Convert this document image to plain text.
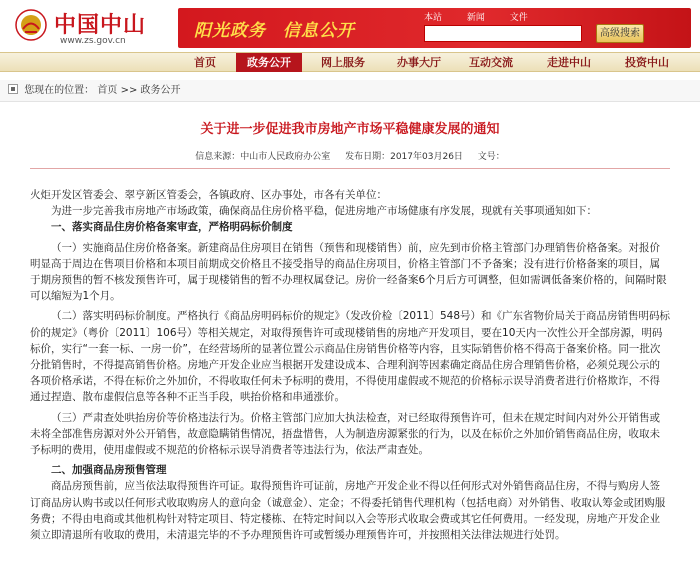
中国中山
www.zs.gov.cn	阳光政务 信息公开
本站	新闻	文件
高级搜索
首页	政务公开	网上服务	办事大厅	互动交流	走进中山	投资中山
您现在的位置： 首页 >> 政务公开
关于进一步促进我市房地产市场平稳健康发展的通知
信息来源：中山市人民政府办公室 发布日期：2017年03月26日 文号：

火炬开发区管委会、翠亨新区管委会，各镇政府、区办事处，市各有关单位：

为进一步完善我市房地产市场政策，确保商品住房价格平稳，促进房地产市场健康有序发展，现就有关事项通知如下：

一、落实商品住房价格备案审查，严格明码标价制度

（一）实施商品住房价格备案。新建商品住房项目在销售（预售和现楼销售）前，应先到市价格主管部门办理销售价格备案。对报价明显高于周边在售项目价格和本项目前期成交价格且不接受指导的商品住房项目，价格主管部门不予备案；没有进行价格备案的项目，属于期房预售的暂不核发预售许可，属于现楼销售的暂不办理权属登记。房价一经备案6个月后方可调整，但如需调低备案价格的，间隔时限可以缩短为1个月。

（二）落实明码标价制度。严格执行《商品房明码标价的规定》（发改价检〔2011〕548号）和《广东省物价局关于商品房销售明码标价的规定》（粤价〔2011〕106号）等相关规定，对取得预售许可或现楼销售的房地产开发项目，要在10天内一次性公开全部房源，明码标价，实行“一套一标、一房一价”，在经营场所的显著位置公示商品住房销售价格等内容，且实际销售价格不得高于备案价格。同一批次分批销售时，不得提高销售价格。房地产开发企业应当根据开发建设成本、合理利润等因素确定商品住房合理销售价格，必须兑现公示的各项价格承诺，不得在标价之外加价，不得收取任何未予标明的费用，不得使用虚假或不规范的价格标示误导消费者进行价格欺诈，不得通过捏造、散布虚假信息等各种不正当手段，哄抬价格和串通涨价。

（三）严肃查处哄抬房价等价格违法行为。价格主管部门应加大执法检查，对已经取得预售许可，但未在规定时间内对外公开销售或未将全部准售房源对外公开销售，故意隐瞒销售情况，捂盘惜售，人为制造房源紧张的行为，以及在标价之外加价销售商品住房，收取未予标明的费用，使用虚假或不规范的价格标示误导消费者等违法行为，依法严肃查处。

二、加强商品房预售管理

商品房预售前，应当依法取得预售许可证。取得预售许可证前，房地产开发企业不得以任何形式对外销售商品住房，不得与购房人签

订商品房认购书或以任何形式收取购房人的意向金（诚意金）、定金；不得委托销售代理机构（包括电商）对外销售、收取认筹金或团购服务费；不得由电商或其他机构针对特定项目、特定楼栋、在特定时间以入会等形式收取会费或其它任何费用。一经发现，房地产开发企业须立即清退所有收取的费用，未清退完毕的不予办理预售许可或暂缓办理预售许可，并按照相关法律法规进行处罚。
